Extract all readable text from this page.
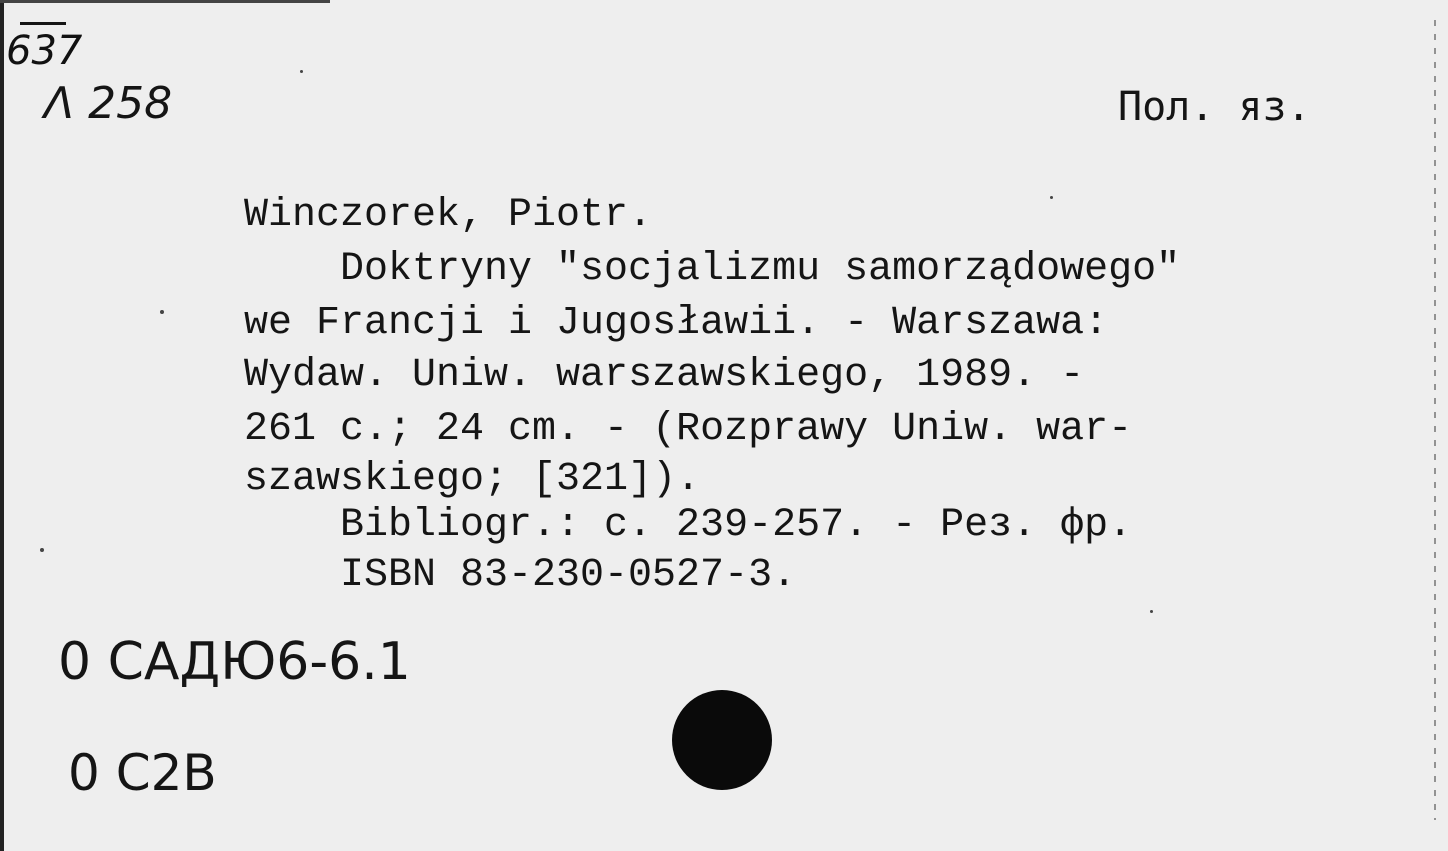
Λ 258
637
Пол. яз.
Winczorek, Piotr.
Doktryny "socjalizmu samorządowego"
we Francji i Jugosławii. - Warszawa:
Wydaw. Uniw. warszawskiego, 1989. -
261 c.; 24 cm. - (Rozprawy Uniw. war-
szawskiego; [321]).
Bibliogr.: c. 239-257. - Рез. фр.
ISBN 83-230-0527-3.
0 САДЮ6-6.1
0 C2B
